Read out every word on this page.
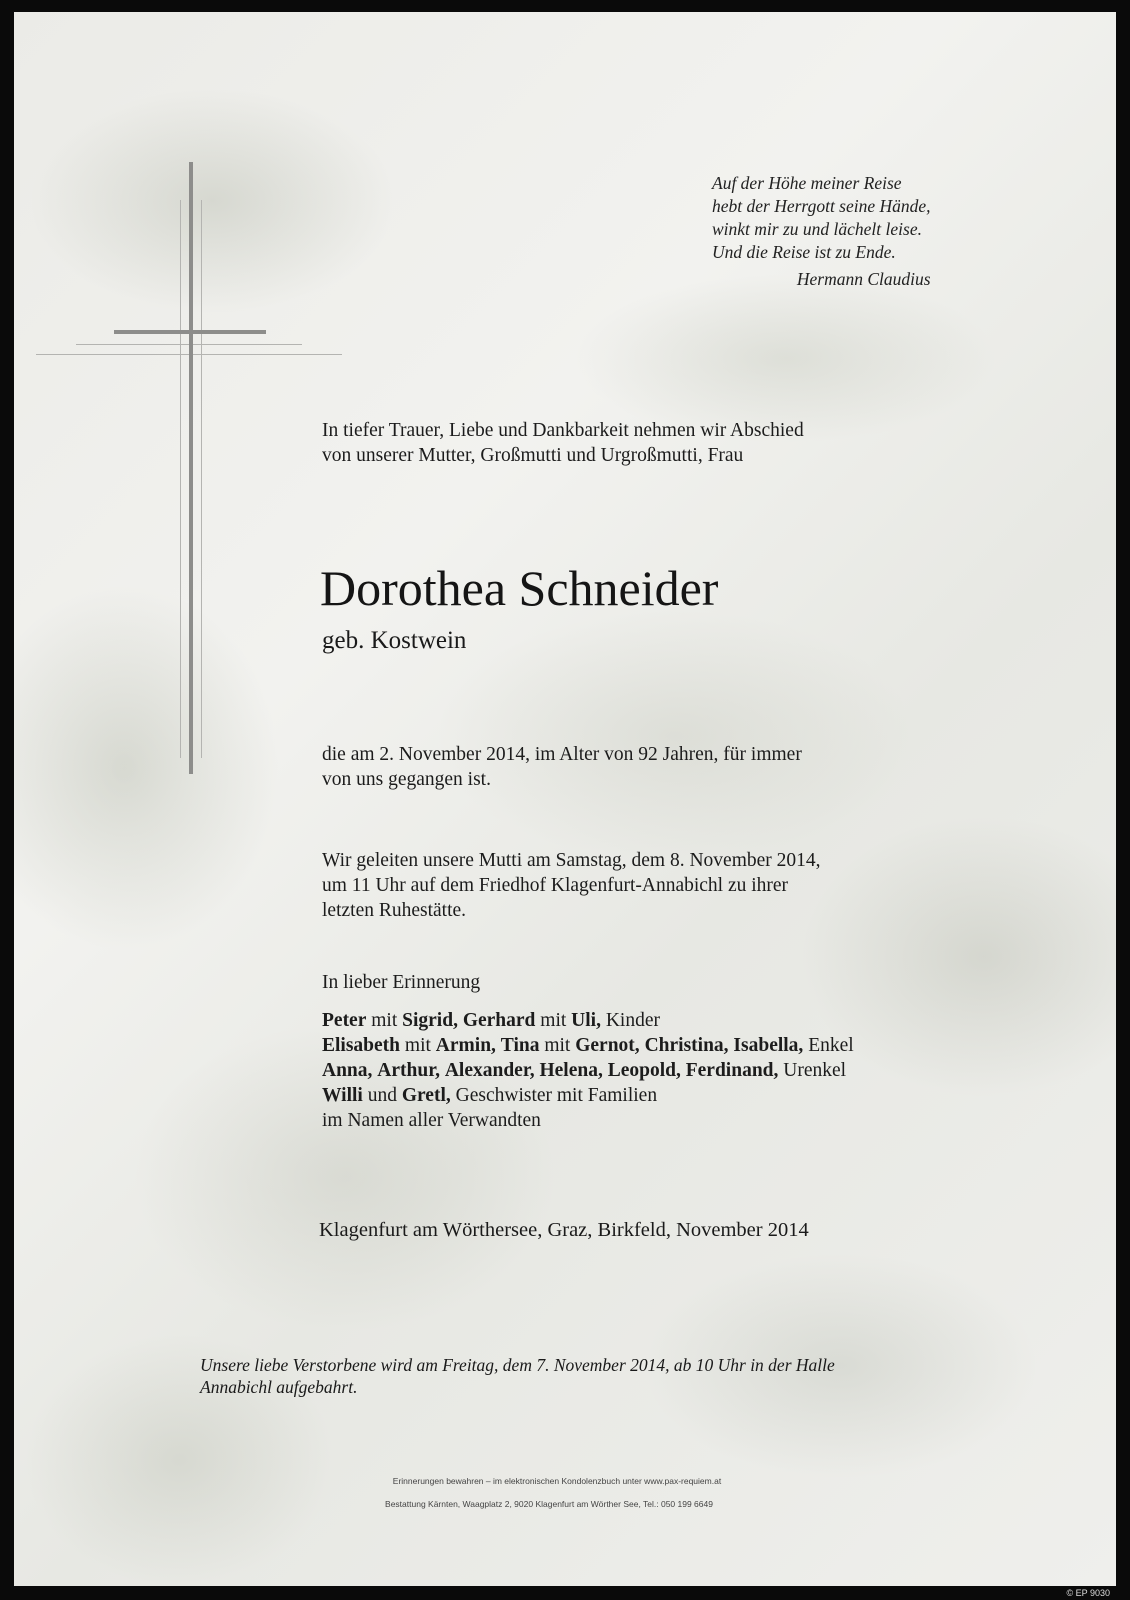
Auf der Höhe meiner Reise
hebt der Herrgott seine Hände,
winkt mir zu und lächelt leise.
Und die Reise ist zu Ende.
Hermann Claudius
In tiefer Trauer, Liebe und Dankbarkeit nehmen wir Abschied
von unserer Mutter, Großmutti und Urgroßmutti, Frau
Dorothea Schneider
geb. Kostwein
die am 2. November 2014, im Alter von 92 Jahren, für immer
von uns gegangen ist.
Wir geleiten unsere Mutti am Samstag, dem 8. November 2014,
um 11 Uhr auf dem Friedhof Klagenfurt-Annabichl zu ihrer
letzten Ruhestätte.
In lieber Erinnerung
Peter mit Sigrid, Gerhard mit Uli, Kinder
Elisabeth mit Armin, Tina mit Gernot, Christina, Isabella, Enkel
Anna, Arthur, Alexander, Helena, Leopold, Ferdinand, Urenkel
Willi und Gretl, Geschwister mit Familien
im Namen aller Verwandten
Klagenfurt am Wörthersee, Graz, Birkfeld, November 2014
Unsere liebe Verstorbene wird am Freitag, dem 7. November 2014, ab 10 Uhr in der Halle
Annabichl aufgebahrt.
Erinnerungen bewahren – im elektronischen Kondolenzbuch unter www.pax-requiem.at
Bestattung Kärnten, Waagplatz 2, 9020 Klagenfurt am Wörther See, Tel.: 050 199 6649
© EP 9030
